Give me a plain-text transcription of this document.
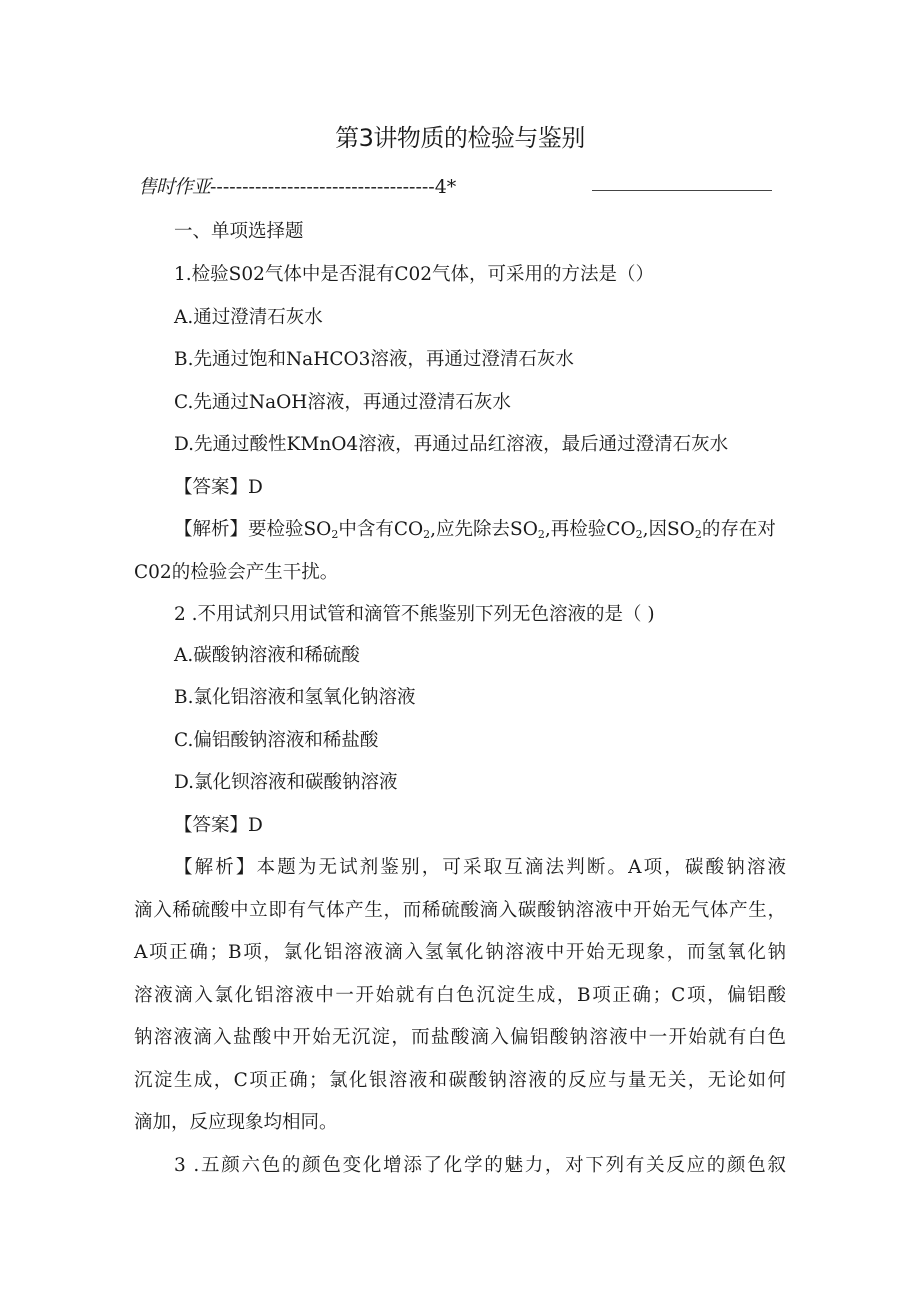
第3讲物质的检验与鉴别
售时作亚-----------------------------------4*
一、单项选择题
1.检验S02气体中是否混有C02气体，可采用的方法是（）
A.通过澄清石灰水
B.先通过饱和NaHCO3溶液，再通过澄清石灰水
C.先通过NaOH溶液，再通过澄清石灰水
D.先通过酸性KMnO4溶液，再通过品红溶液，最后通过澄清石灰水
【答案】D
【解析】要检验$SO_2$中含有$CO_2$,应先除去$SO_2$,再检验$CO_2$,因$SO_2$的存在对
C02的检验会产生干扰。
2 .不用试剂只用试管和滴管不熊鉴别下列无色溶液的是（ )
A.碳酸钠溶液和稀硫酸
B.氯化铝溶液和氢氧化钠溶液
C.偏铝酸钠溶液和稀盐酸
D.氯化钡溶液和碳酸钠溶液
【答案】D
【解析】本题为无试剂鉴别，可采取互滴法判断。A项，碳酸钠溶液
滴入稀硫酸中立即有气体产生，而稀硫酸滴入碳酸钠溶液中开始无气体产生，
A项正确；B项，氯化铝溶液滴入氢氧化钠溶液中开始无现象，而氢氧化钠
溶液滴入氯化铝溶液中一开始就有白色沉淀生成，B项正确；C项，偏铝酸
钠溶液滴入盐酸中开始无沉淀，而盐酸滴入偏铝酸钠溶液中一开始就有白色
沉淀生成，C项正确；氯化银溶液和碳酸钠溶液的反应与量无关，无论如何
滴加，反应现象均相同。
3 .五颜六色的颜色变化增添了化学的魅力，对下列有关反应的颜色叙
